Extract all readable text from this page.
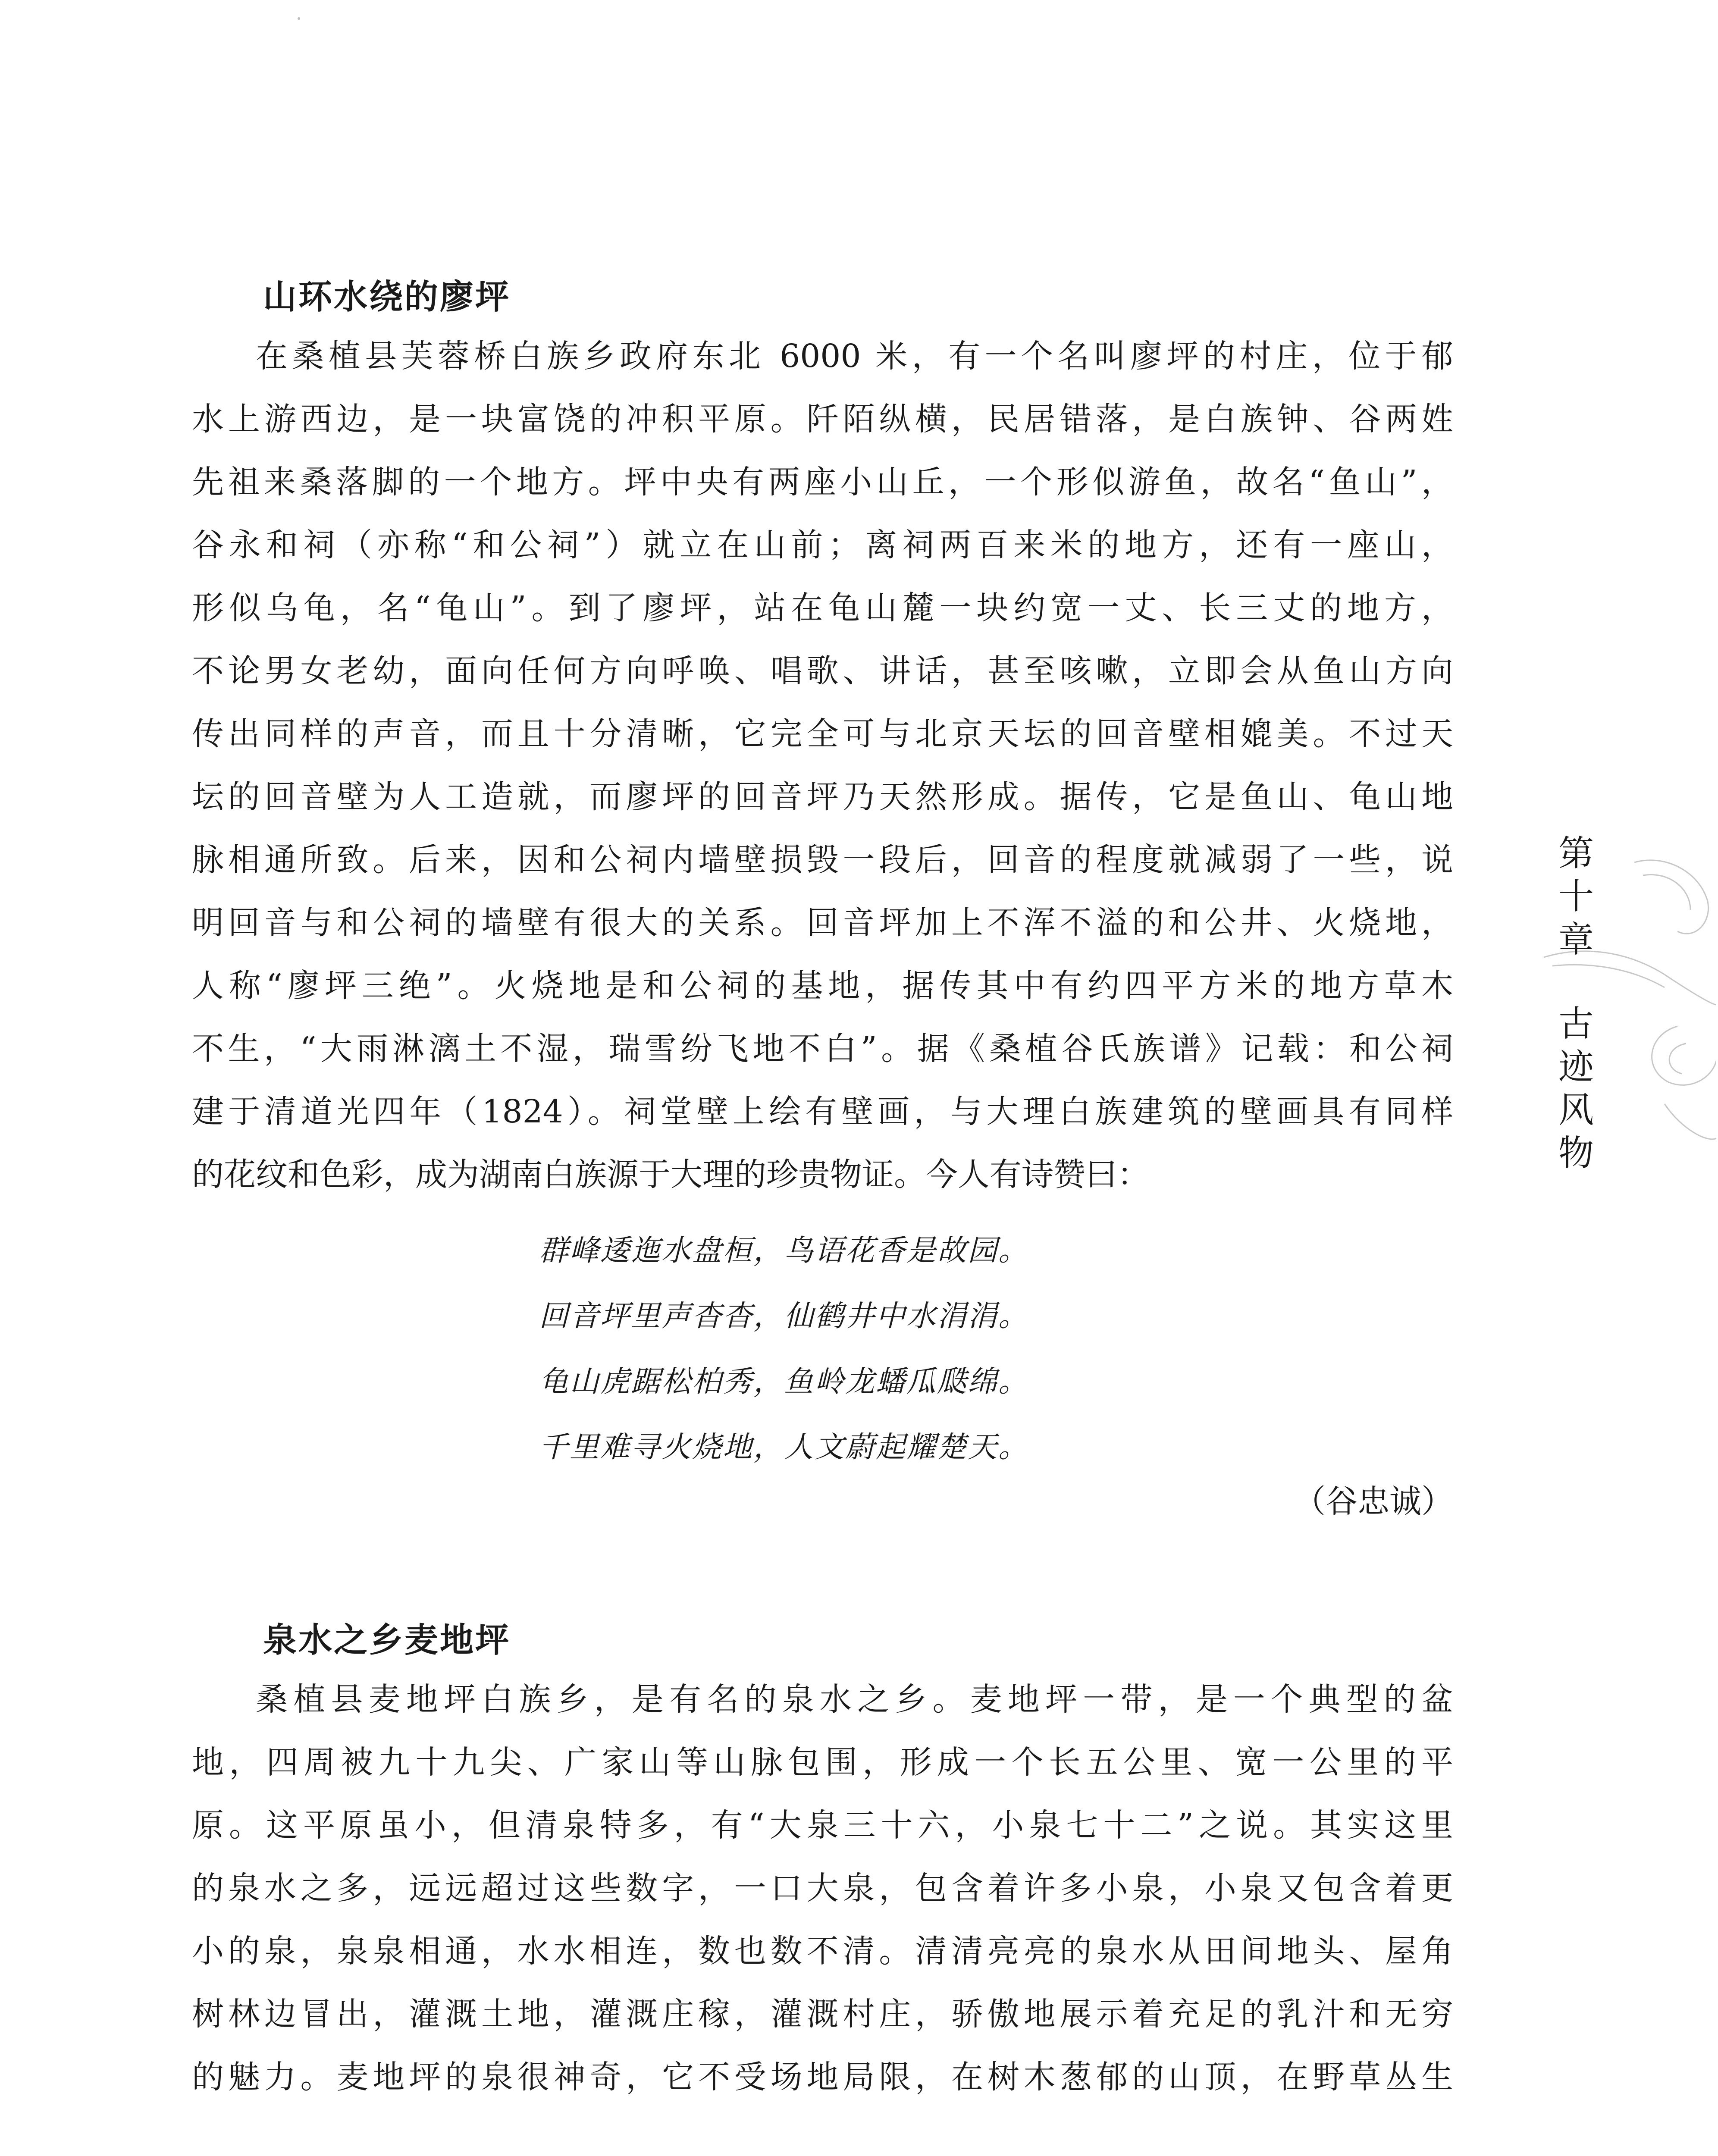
山环水绕的廖坪
在桑植县芙蓉桥白族乡政府东北 6000 米，有一个名叫廖坪的村庄，位于郁
水上游西边，是一块富饶的冲积平原。阡陌纵横，民居错落，是白族钟、谷两姓
先祖来桑落脚的一个地方。坪中央有两座小山丘，一个形似游鱼，故名“鱼山”，
谷永和祠（亦称“和公祠”）就立在山前；离祠两百来米的地方，还有一座山，
形似乌龟，名“龟山”。到了廖坪，站在龟山麓一块约宽一丈、长三丈的地方，
不论男女老幼，面向任何方向呼唤、唱歌、讲话，甚至咳嗽，立即会从鱼山方向
传出同样的声音，而且十分清晰，它完全可与北京天坛的回音壁相媲美。不过天
坛的回音壁为人工造就，而廖坪的回音坪乃天然形成。据传，它是鱼山、龟山地
脉相通所致。后来，因和公祠内墙壁损毁一段后，回音的程度就减弱了一些，说
明回音与和公祠的墙壁有很大的关系。回音坪加上不浑不溢的和公井、火烧地，
人称“廖坪三绝”。火烧地是和公祠的基地，据传其中有约四平方米的地方草木
不生，“大雨淋漓土不湿，瑞雪纷飞地不白”。据《桑植谷氏族谱》记载：和公祠
建于清道光四年（1824）。祠堂壁上绘有壁画，与大理白族建筑的壁画具有同样
的花纹和色彩，成为湖南白族源于大理的珍贵物证。今人有诗赞曰：
群峰逶迤水盘桓，鸟语花香是故园。
回音坪里声杳杳，仙鹤井中水涓涓。
龟山虎踞松柏秀，鱼岭龙蟠瓜瓞绵。
千里难寻火烧地，人文蔚起耀楚天。
（谷忠诚）
泉水之乡麦地坪
桑植县麦地坪白族乡，是有名的泉水之乡。麦地坪一带，是一个典型的盆
地，四周被九十九尖、广家山等山脉包围，形成一个长五公里、宽一公里的平
原。这平原虽小，但清泉特多，有“大泉三十六，小泉七十二”之说。其实这里
的泉水之多，远远超过这些数字，一口大泉，包含着许多小泉，小泉又包含着更
小的泉，泉泉相通，水水相连，数也数不清。清清亮亮的泉水从田间地头、屋角
树林边冒出，灌溉土地，灌溉庄稼，灌溉村庄，骄傲地展示着充足的乳汁和无穷
的魅力。麦地坪的泉很神奇，它不受场地局限，在树木葱郁的山顶，在野草丛生
第
十
章
古
迹
风
物
